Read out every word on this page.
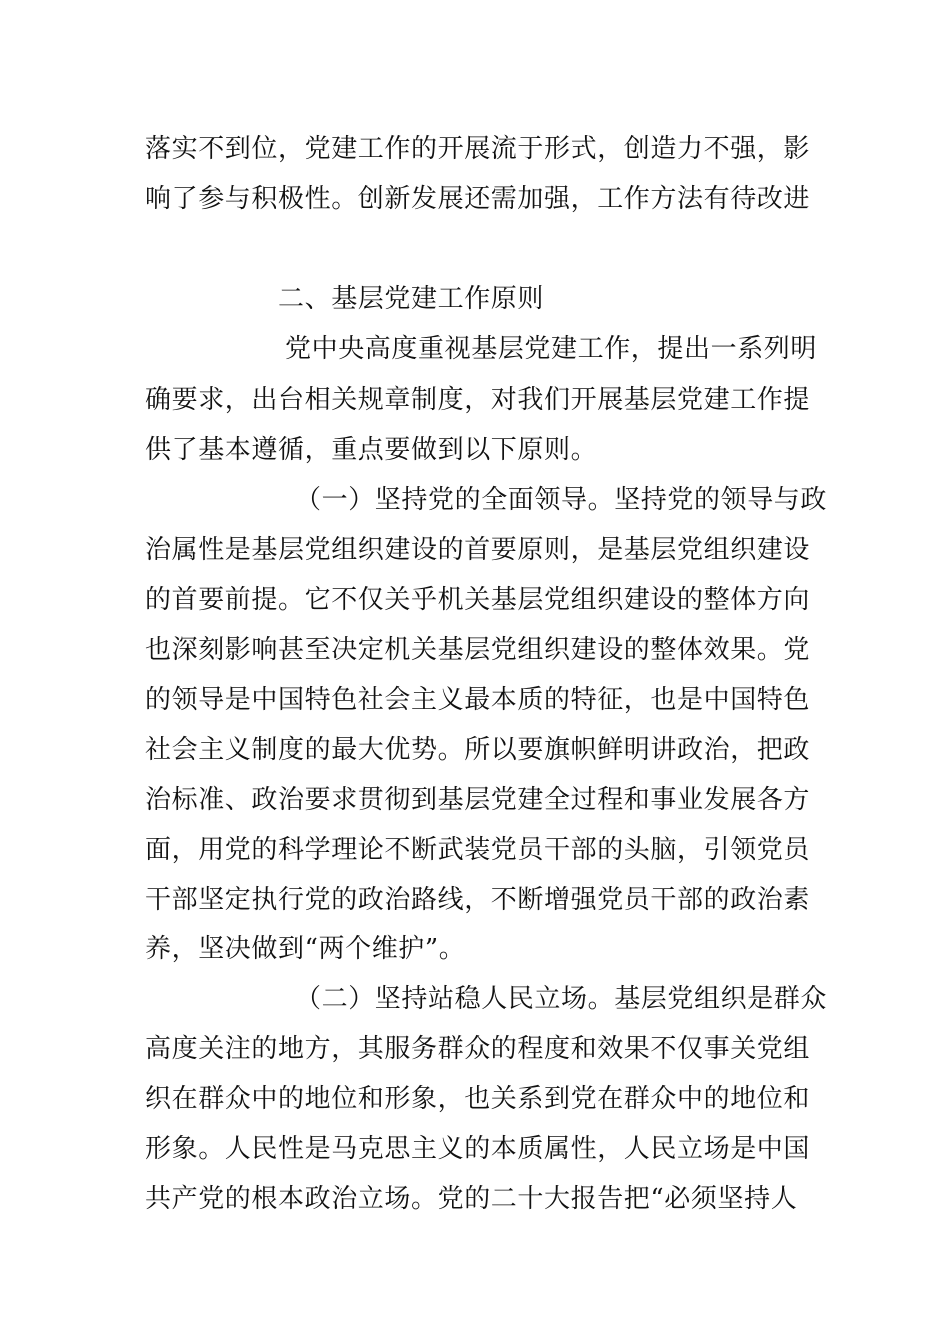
落实不到位，党建工作的开展流于形式，创造力不强，影
响了参与积极性。创新发展还需加强，工作方法有待改进
二、基层党建工作原则
党中央高度重视基层党建工作，提出一系列明
确要求，出台相关规章制度，对我们开展基层党建工作提
供了基本遵循，重点要做到以下原则。
（一）坚持党的全面领导。坚持党的领导与政
治属性是基层党组织建设的首要原则，是基层党组织建设
的首要前提。它不仅关乎机关基层党组织建设的整体方向
也深刻影响甚至决定机关基层党组织建设的整体效果。党
的领导是中国特色社会主义最本质的特征，也是中国特色
社会主义制度的最大优势。所以要旗帜鲜明讲政治，把政
治标准、政治要求贯彻到基层党建全过程和事业发展各方
面，用党的科学理论不断武装党员干部的头脑，引领党员
干部坚定执行党的政治路线，不断增强党员干部的政治素
养，坚决做到“两个维护”。
（二）坚持站稳人民立场。基层党组织是群众
高度关注的地方，其服务群众的程度和效果不仅事关党组
织在群众中的地位和形象，也关系到党在群众中的地位和
形象。人民性是马克思主义的本质属性，人民立场是中国
共产党的根本政治立场。党的二十大报告把“必须坚持人
